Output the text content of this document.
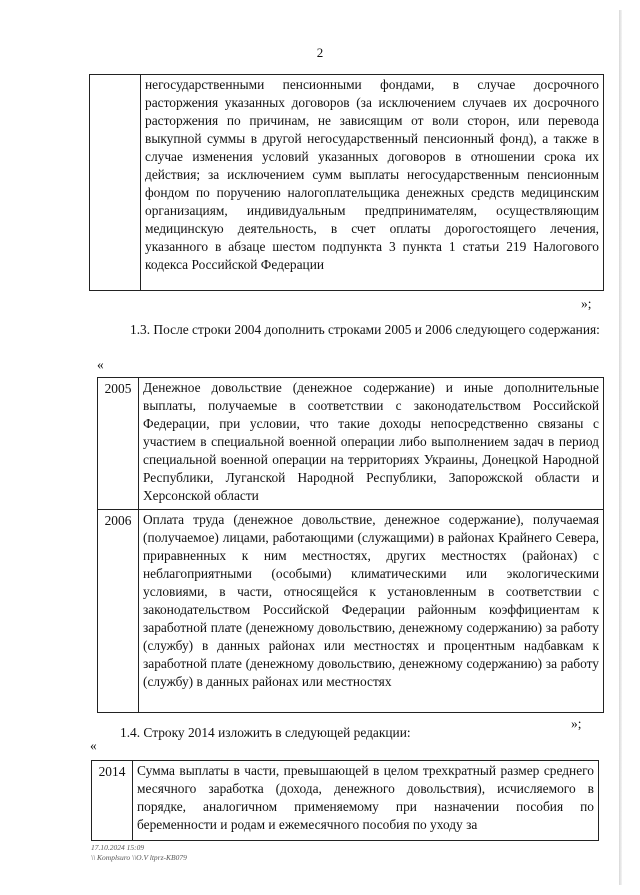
2
	негосударственными пенсионными фондами, в случае досрочного расторжения указанных договоров (за исключением случаев их досрочного расторжения по причинам, не зависящим от воли сторон, или перевода выкупной суммы в другой негосударственный пенсионный фонд), а также в случае изменения условий указанных договоров в отношении срока их действия; за исключением сумм выплаты негосударственным пенсионным фондом по поручению налогоплательщика денежных средств медицинским организациям, индивидуальным предпринимателям, осуществляющим медицинскую деятельность, в счет оплаты дорогостоящего лечения, указанного в абзаце шестом подпункта 3 пункта 1 статьи 219 Налогового кодекса Российской Федерации
»;

1.3. После строки 2004 дополнить строками 2005 и 2006 следующего содержания:

«
2005	Денежное довольствие (денежное содержание) и иные дополнительные выплаты, получаемые в соответствии с законодательством Российской Федерации, при условии, что такие доходы непосредственно связаны с участием в специальной военной операции либо выполнением задач в период специальной военной операции на территориях Украины, Донецкой Народной Республики, Луганской Народной Республики, Запорожской области и Херсонской области
2006	Оплата труда (денежное довольствие, денежное содержание), получаемая (получаемое) лицами, работающими (служащими) в районах Крайнего Севера, приравненных к ним местностях, других местностях (районах) с неблагоприятными (особыми) климатическими или экологическими условиями, в части, относящейся к установленным в соответствии с законодательством Российской Федерации районным коэффициентам к заработной плате (денежному довольствию, денежному содержанию) за работу (службу) в данных районах или местностях и процентным надбавкам к заработной плате (денежному довольствию, денежному содержанию) за работу (службу) в данных районах или местностях
»;

1.4. Строку 2014 изложить в следующей редакции:

«
2014	Сумма выплаты в части, превышающей в целом трехкратный размер среднего месячного заработка (дохода, денежного довольствия), исчисляемого в порядке, аналогичном применяемому при назначении пособия по беременности и родам и ежемесячного пособия по уходу за
17.10.2024 15:09
\\ Komplsuro \\O.V ltprz-KB079
